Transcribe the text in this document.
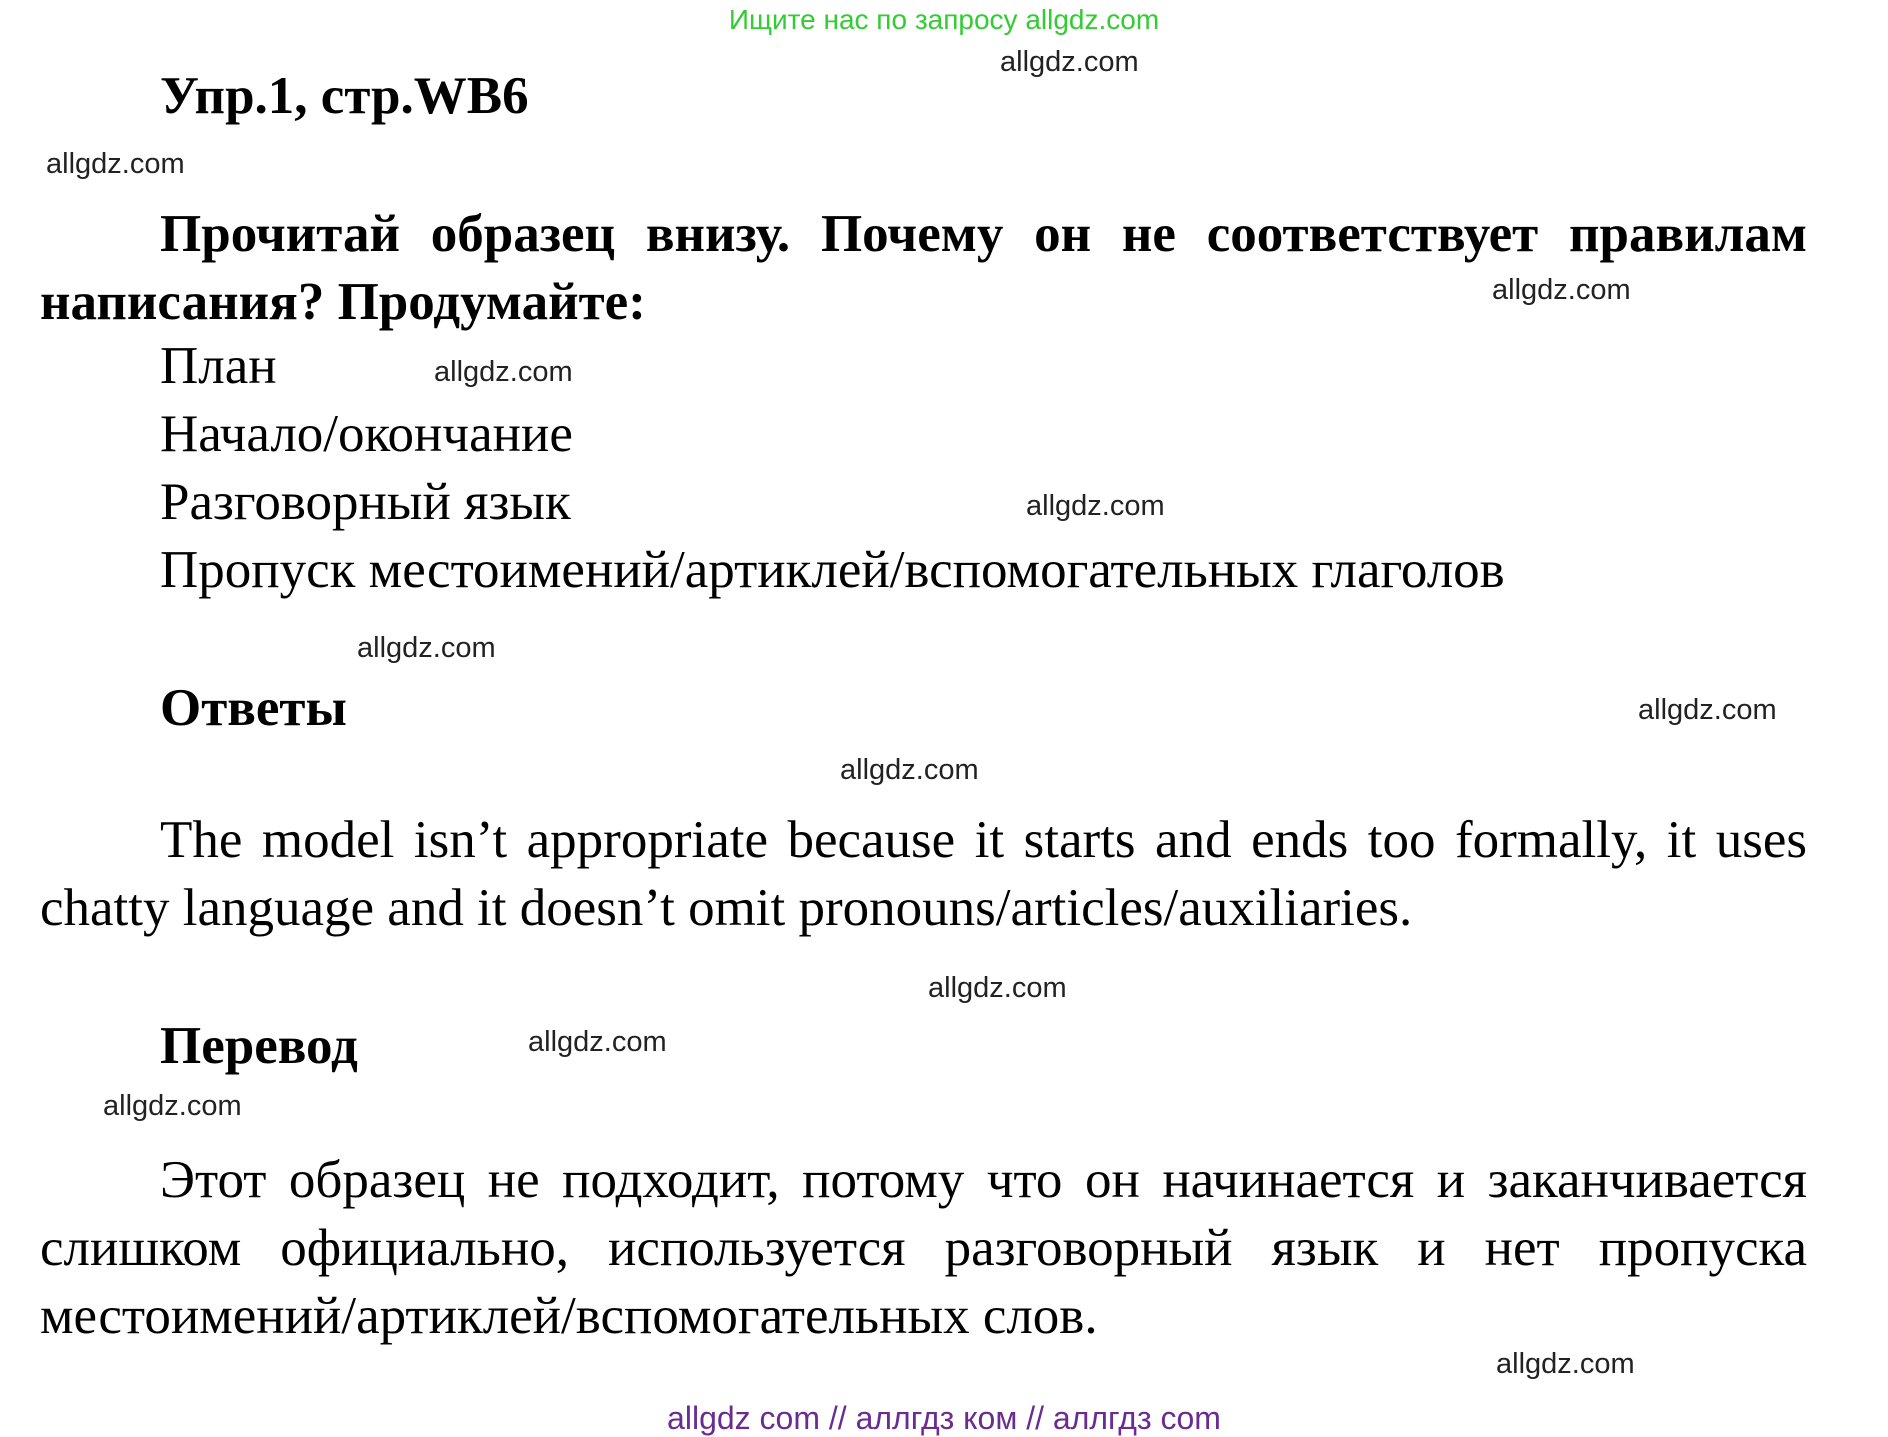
Ищите нас по запросу allgdz.com
allgdz.com
Упр.1, стр.WB6
allgdz.com
Прочитай образец внизу. Почему он не соответствует правилам написания? Продумайте:	allgdz.com
План	allgdz.com
Начало/окончание
Разговорный язык	allgdz.com
Пропуск местоимений/артиклей/вспомогательных глаголов
allgdz.com
Ответы	allgdz.com
allgdz.com
The model isn’t appropriate because it starts and ends too formally, it uses chatty language and it doesn’t omit pronouns/articles/auxiliaries.
allgdz.com
Перевод	allgdz.com
allgdz.com
Этот образец не подходит, потому что он начинается и заканчивается слишком официально, используется разговорный язык и нет пропуска местоимений/артиклей/вспомогательных слов.
allgdz.com
allgdz com // аллгдз ком // аллгдз com
